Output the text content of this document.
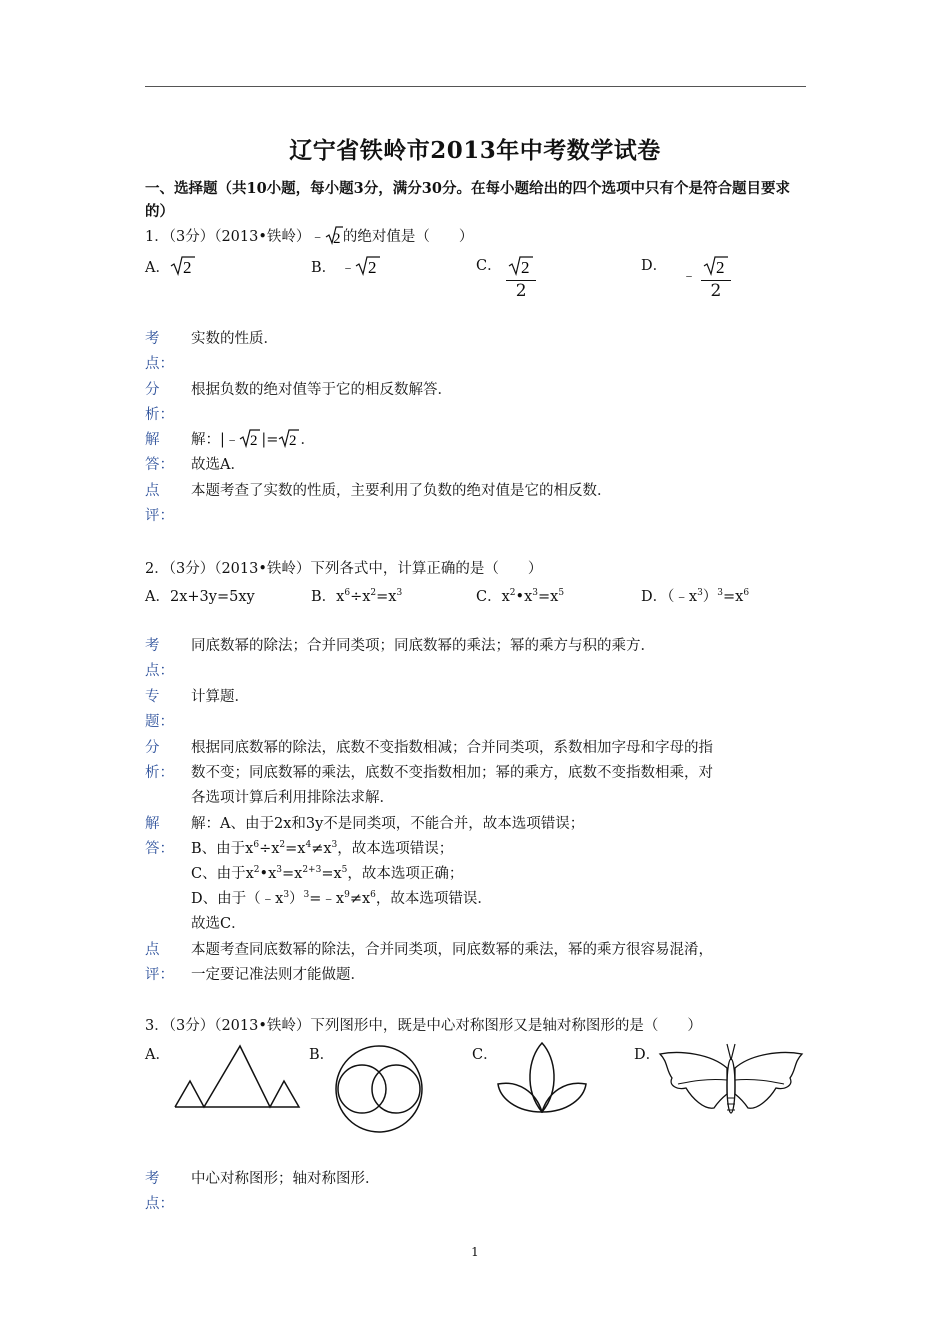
辽宁省铁岭市2013年中考数学试卷
一、选择题（共10小题，每小题3分，满分30分。在每小题给出的四个选项中只有个是符合题目要求的）
1．（3分）（2013•铁岭）﹣ 2 的绝对值是（　　）
A． 2	B． ﹣ 2	C． $\frac{2}{2}$	D． ﹣ $\frac{2}{2}$
考
点：
实数的性质．
分
析：
根据负数的绝对值等于它的相反数解答．
解
答：
解：|﹣ 2 |= 2 ．
故选A．
点
评：
本题考查了实数的性质，主要利用了负数的绝对值是它的相反数．
2．（3分）（2013•铁岭）下列各式中，计算正确的是（　　）
A．2x+3y=5xy	B．$x^6\div x^2=x^3$	C．$x^2•x^3=x^5$	D．$(﹣x^3)^3=x^6$
考
点：
同底数幂的除法；合并同类项；同底数幂的乘法；幂的乘方与积的乘方．
专
题：
计算题．
分
析：
根据同底数幂的除法，底数不变指数相减；合并同类项，系数相加字母和字母的指
数不变；同底数幂的乘法，底数不变指数相加；幂的乘方，底数不变指数相乘，对
各选项计算后利用排除法求解．
解
答：
解：A、由于2x和3y不是同类项，不能合并，故本选项错误；
B、由于$x^6\div x^2=x^4\ne x^3$，故本选项错误；
C、由于$x^2•x^3=x^{2+3}=x^5$，故本选项正确；
D、由于$(﹣x^3)^3=﹣x^9\ne x^6$，故本选项错误．
故选C．
点
评：
本题考查同底数幂的除法，合并同类项，同底数幂的乘法，幂的乘方很容易混淆，
一定要记准法则才能做题．
3．（3分）（2013•铁岭）下列图形中，既是中心对称图形又是轴对称图形的是（　　）
A．	B．	C．	D．
考
点：
中心对称图形；轴对称图形．
1
